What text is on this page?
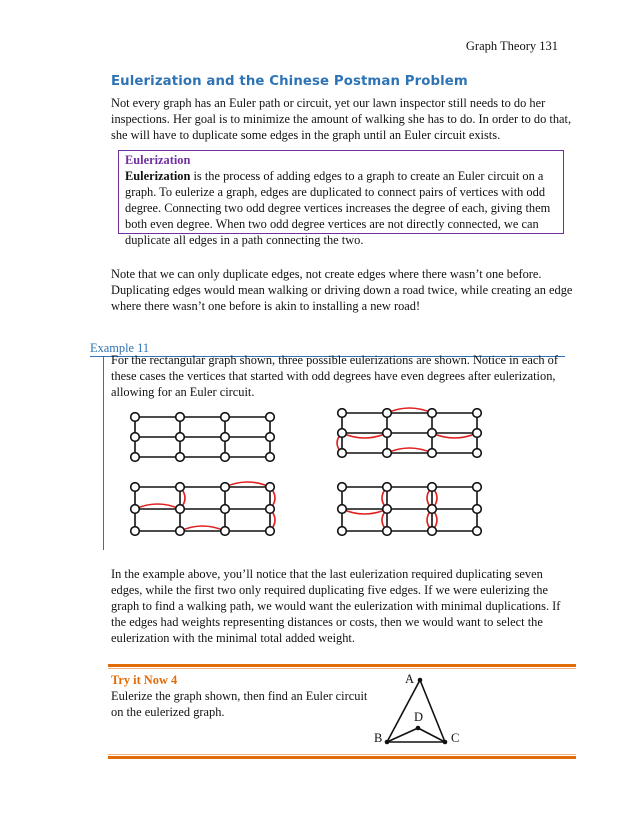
Graph Theory 131
Eulerization and the Chinese Postman Problem
Not every graph has an Euler path or circuit, yet our lawn inspector still needs to do her inspections. Her goal is to minimize the amount of walking she has to do. In order to do that, she will have to duplicate some edges in the graph until an Euler circuit exists.
Eulerization
Eulerization is the process of adding edges to a graph to create an Euler circuit on a graph. To eulerize a graph, edges are duplicated to connect pairs of vertices with odd degree. Connecting two odd degree vertices increases the degree of each, giving them both even degree. When two odd degree vertices are not directly connected, we can duplicate all edges in a path connecting the two.
Note that we can only duplicate edges, not create edges where there wasn’t one before. Duplicating edges would mean walking or driving down a road twice, while creating an edge where there wasn’t one before is akin to installing a new road!
Example 11
For the rectangular graph shown, three possible eulerizations are shown. Notice in each of these cases the vertices that started with odd degrees have even degrees after eulerization, allowing for an Euler circuit.
In the example above, you’ll notice that the last eulerization required duplicating seven edges, while the first two only required duplicating five edges. If we were eulerizing the graph to find a walking path, we would want the eulerization with minimal duplications. If the edges had weights representing distances or costs, then we would want to select the eulerization with the minimal total added weight.
Try it Now 4
Eulerize the graph shown, then find an Euler circuit on the eulerized graph.
A
D
B	C
